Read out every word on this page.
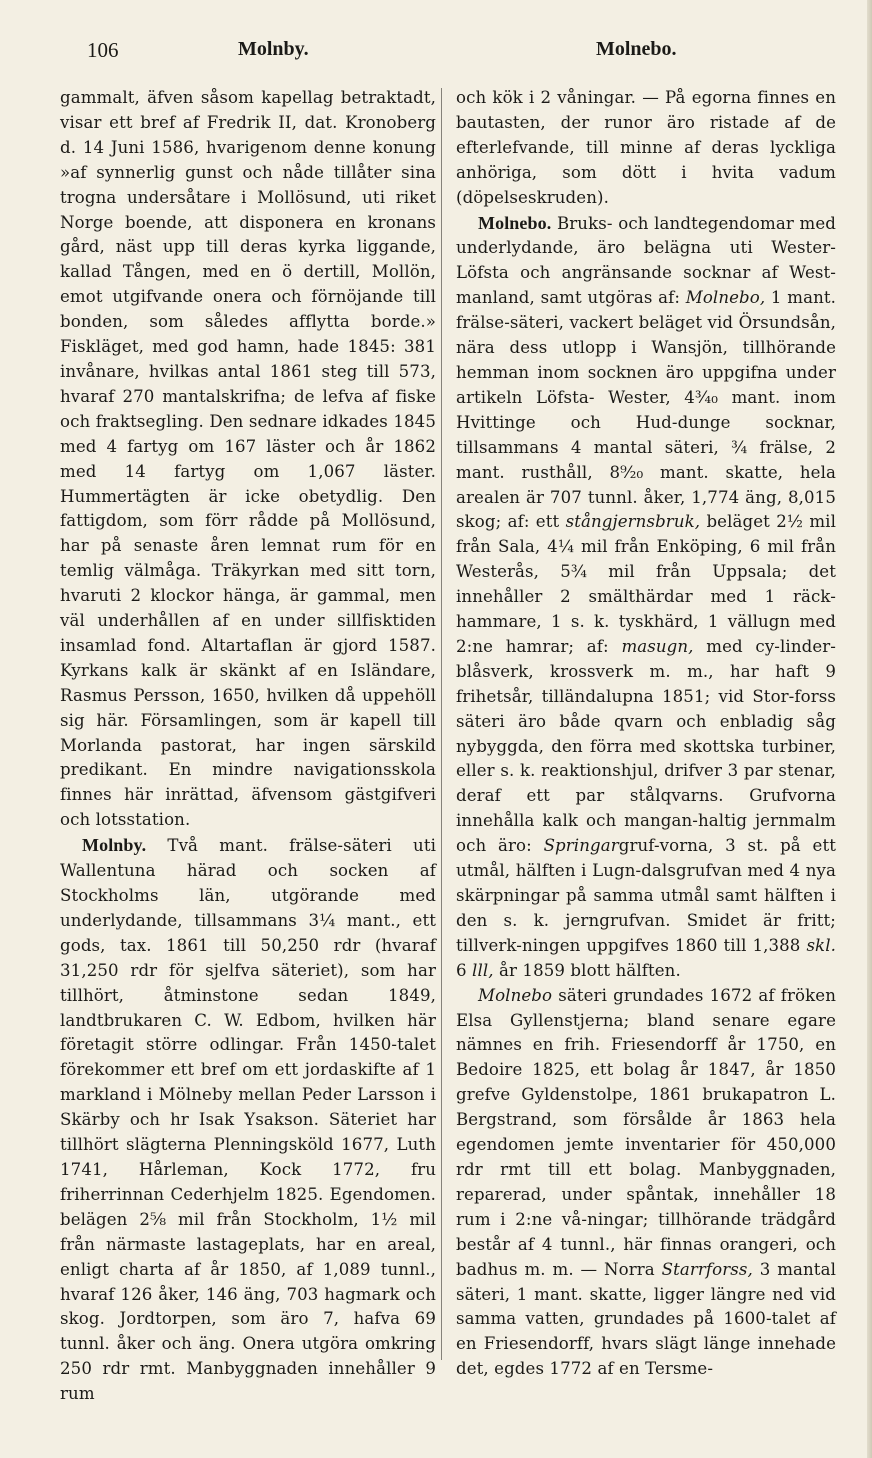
106	Molnby.	Molnebo.

gammalt, äfven såsom kapellag betraktadt, visar ett bref af Fredrik II, dat. Kronoberg d. 14 Juni 1586, hvarigenom denne konung »af synnerlig gunst och nåde tillåter sina trogna undersåtare i Mollösund, uti riket Norge boende, att disponera en kronans gård, näst upp till deras kyrka liggande, kallad Tången, med en ö dertill, Mollön, emot utgifvande onera och förnöjande till bonden, som således afflytta borde.» Fiskläget, med god hamn, hade 1845: 381 invånare, hvilkas antal 1861 steg till 573, hvaraf 270 mantalskrifna; de lefva af fiske och fraktsegling. Den sednare idkades 1845 med 4 fartyg om 167 läster och år 1862 med 14 fartyg om 1,067 läster. Hummertägten är icke obetydlig. Den fattigdom, som förr rådde på Mollösund, har på senaste åren lemnat rum för en temlig välmåga. Träkyrkan med sitt torn, hvaruti 2 klockor hänga, är gammal, men väl underhållen af en under sillfisktiden insamlad fond. Altartaflan är gjord 1587. Kyrkans kalk är skänkt af en Isländare, Rasmus Persson, 1650, hvilken då uppehöll sig här. Församlingen, som är kapell till Morlanda pastorat, har ingen särskild predikant. En mindre navigationsskola finnes här inrättad, äfvensom gästgifveri och lotsstation.

Molnby. Två mant. frälse-säteri uti Wallentuna härad och socken af Stockholms län, utgörande med underlydande, tillsammans 3¼ mant., ett gods, tax. 1861 till 50,250 rdr (hvaraf 31,250 rdr för sjelfva säteriet), som har tillhört, åtminstone sedan 1849, landtbrukaren C. W. Edbom, hvilken här företagit större odlingar. Från 1450-talet förekommer ett bref om ett jordaskifte af 1 markland i Mölneby mellan Peder Larsson i Skärby och hr Isak Ysakson. Säteriet har tillhört slägterna Plenningsköld 1677, Luth 1741, Hårleman, Kock 1772, fru friherrinnan Cederhjelm 1825. Egendomen. belägen 2⅝ mil från Stockholm, 1½ mil från närmaste lastageplats, har en areal, enligt charta af år 1850, af 1,089 tunnl., hvaraf 126 åker, 146 äng, 703 hagmark och skog. Jordtorpen, som äro 7, hafva 69 tunnl. åker och äng. Onera utgöra omkring 250 rdr rmt. Manbyggnaden innehåller 9 rum

och kök i 2 våningar. — På egorna finnes en bautasten, der runor äro ristade af de efterlefvande, till minne af deras lyckliga anhöriga, som dött i hvita vadum (döpelseskruden).

Molnebo. Bruks- och landtegendomar med underlydande, äro belägna uti Wester-Löfsta och angränsande socknar af West-manland, samt utgöras af: Molnebo, 1 mant. frälse-säteri, vackert beläget vid Örsundsån, nära dess utlopp i Wansjön, tillhörande hemman inom socknen äro uppgifna under artikeln Löfsta- Wester, 4³⁄₄₀ mant. inom Hvittinge och Hud-dunge socknar, tillsammans 4 mantal säteri, ¾ frälse, 2 mant. rusthåll, 8⁹⁄₂₀ mant. skatte, hela arealen är 707 tunnl. åker, 1,774 äng, 8,015 skog; af: ett stångjernsbruk, beläget 2½ mil från Sala, 4¼ mil från Enköping, 6 mil från Westerås, 5¾ mil från Uppsala; det innehåller 2 smälthärdar med 1 räck-hammare, 1 s. k. tyskhärd, 1 vällugn med 2:ne hamrar; af: masugn, med cy-linder-blåsverk, krossverk m. m., har haft 9 frihetsår, tilländalupna 1851; vid Stor-forss säteri äro både qvarn och enbladig såg nybyggda, den förra med skottska turbiner, eller s. k. reaktionshjul, drifver 3 par stenar, deraf ett par stålqvarns. Grufvorna innehålla kalk och mangan-haltig jernmalm och äro: Springargruf-vorna, 3 st. på ett utmål, hälften i Lugn-dalsgrufvan med 4 nya skärpningar på samma utmål samt hälften i den s. k. jerngrufvan. Smidet är fritt; tillverk-ningen uppgifves 1860 till 1,388 skl. 6 lll, år 1859 blott hälften.

Molnebo säteri grundades 1672 af fröken Elsa Gyllenstjerna; bland senare egare nämnes en frih. Friesendorff år 1750, en Bedoire 1825, ett bolag år 1847, år 1850 grefve Gyldenstolpe, 1861 brukapatron L. Bergstrand, som försålde år 1863 hela egendomen jemte inventarier för 450,000 rdr rmt till ett bolag. Manbyggnaden, reparerad, under spåntak, innehåller 18 rum i 2:ne vå-ningar; tillhörande trädgård består af 4 tunnl., här finnas orangeri, och badhus m. m. — Norra Starrforss, 3 mantal säteri, 1 mant. skatte, ligger längre ned vid samma vatten, grundades på 1600-talet af en Friesendorff, hvars slägt länge innehade det, egdes 1772 af en Tersme-
